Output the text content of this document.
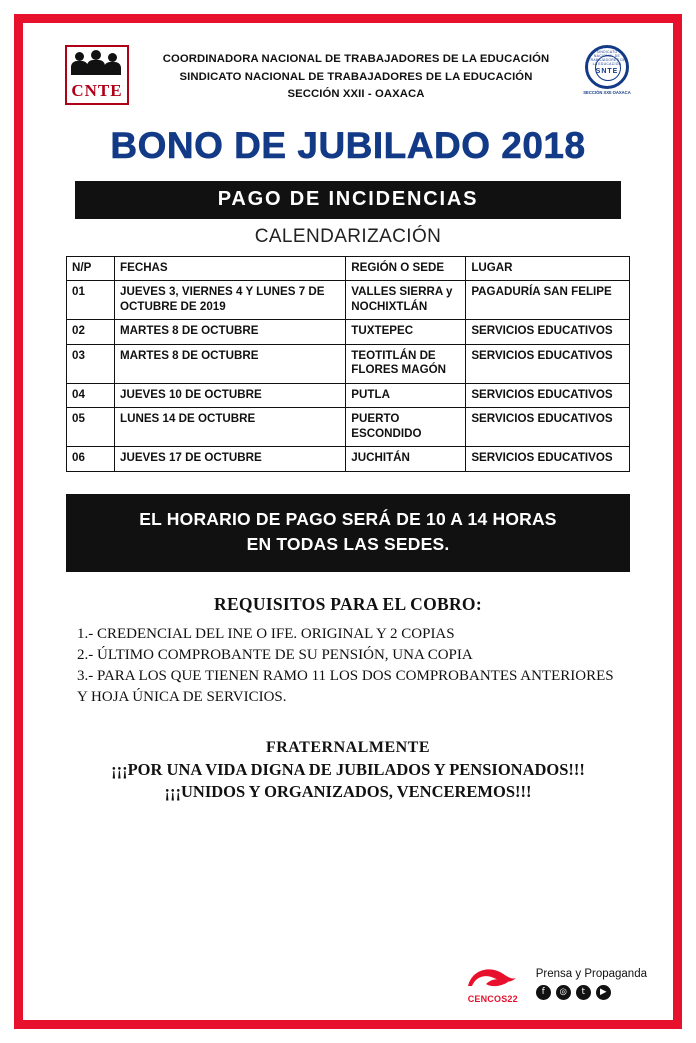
CNTE
COORDINADORA NACIONAL DE TRABAJADORES DE LA EDUCACIÓN
SINDICATO NACIONAL DE TRABAJADORES DE LA EDUCACIÓN
SECCIÓN XXII - OAXACA
SINDICATO NACIONAL DE TRABAJADORES DE LA EDUCACIÓN
SNTE
SECCIÓN XXII OAXACA
BONO DE JUBILADO 2018
PAGO DE INCIDENCIAS
CALENDARIZACIÓN
N/P	FECHAS	REGIÓN O SEDE	LUGAR
01	JUEVES 3, VIERNES 4 Y LUNES 7 DE OCTUBRE DE 2019	VALLES SIERRA y NOCHIXTLÁN	PAGADURÍA SAN FELIPE
02	MARTES 8 DE OCTUBRE	TUXTEPEC	SERVICIOS EDUCATIVOS
03	MARTES 8 DE OCTUBRE	TEOTITLÁN DE FLORES MAGÓN	SERVICIOS EDUCATIVOS
04	JUEVES 10 DE OCTUBRE	PUTLA	SERVICIOS EDUCATIVOS
05	LUNES 14 DE OCTUBRE	PUERTO ESCONDIDO	SERVICIOS EDUCATIVOS
06	JUEVES 17 DE OCTUBRE	JUCHITÁN	SERVICIOS EDUCATIVOS
EL HORARIO DE PAGO SERÁ DE 10 A 14 HORAS
EN TODAS LAS SEDES.
REQUISITOS PARA EL COBRO:
1.- CREDENCIAL DEL INE O IFE. ORIGINAL Y 2 COPIAS
2.- ÚLTIMO COMPROBANTE DE SU PENSIÓN, UNA COPIA
3.- PARA LOS QUE TIENEN RAMO 11 LOS DOS COMPROBANTES ANTERIORES Y HOJA ÚNICA DE SERVICIOS.
FRATERNALMENTE
¡¡¡POR UNA VIDA DIGNA DE JUBILADOS Y PENSIONADOS!!!
¡¡¡UNIDOS Y ORGANIZADOS, VENCEREMOS!!!
CENCOS22
Prensa y Propaganda
f	◎	t	▶
